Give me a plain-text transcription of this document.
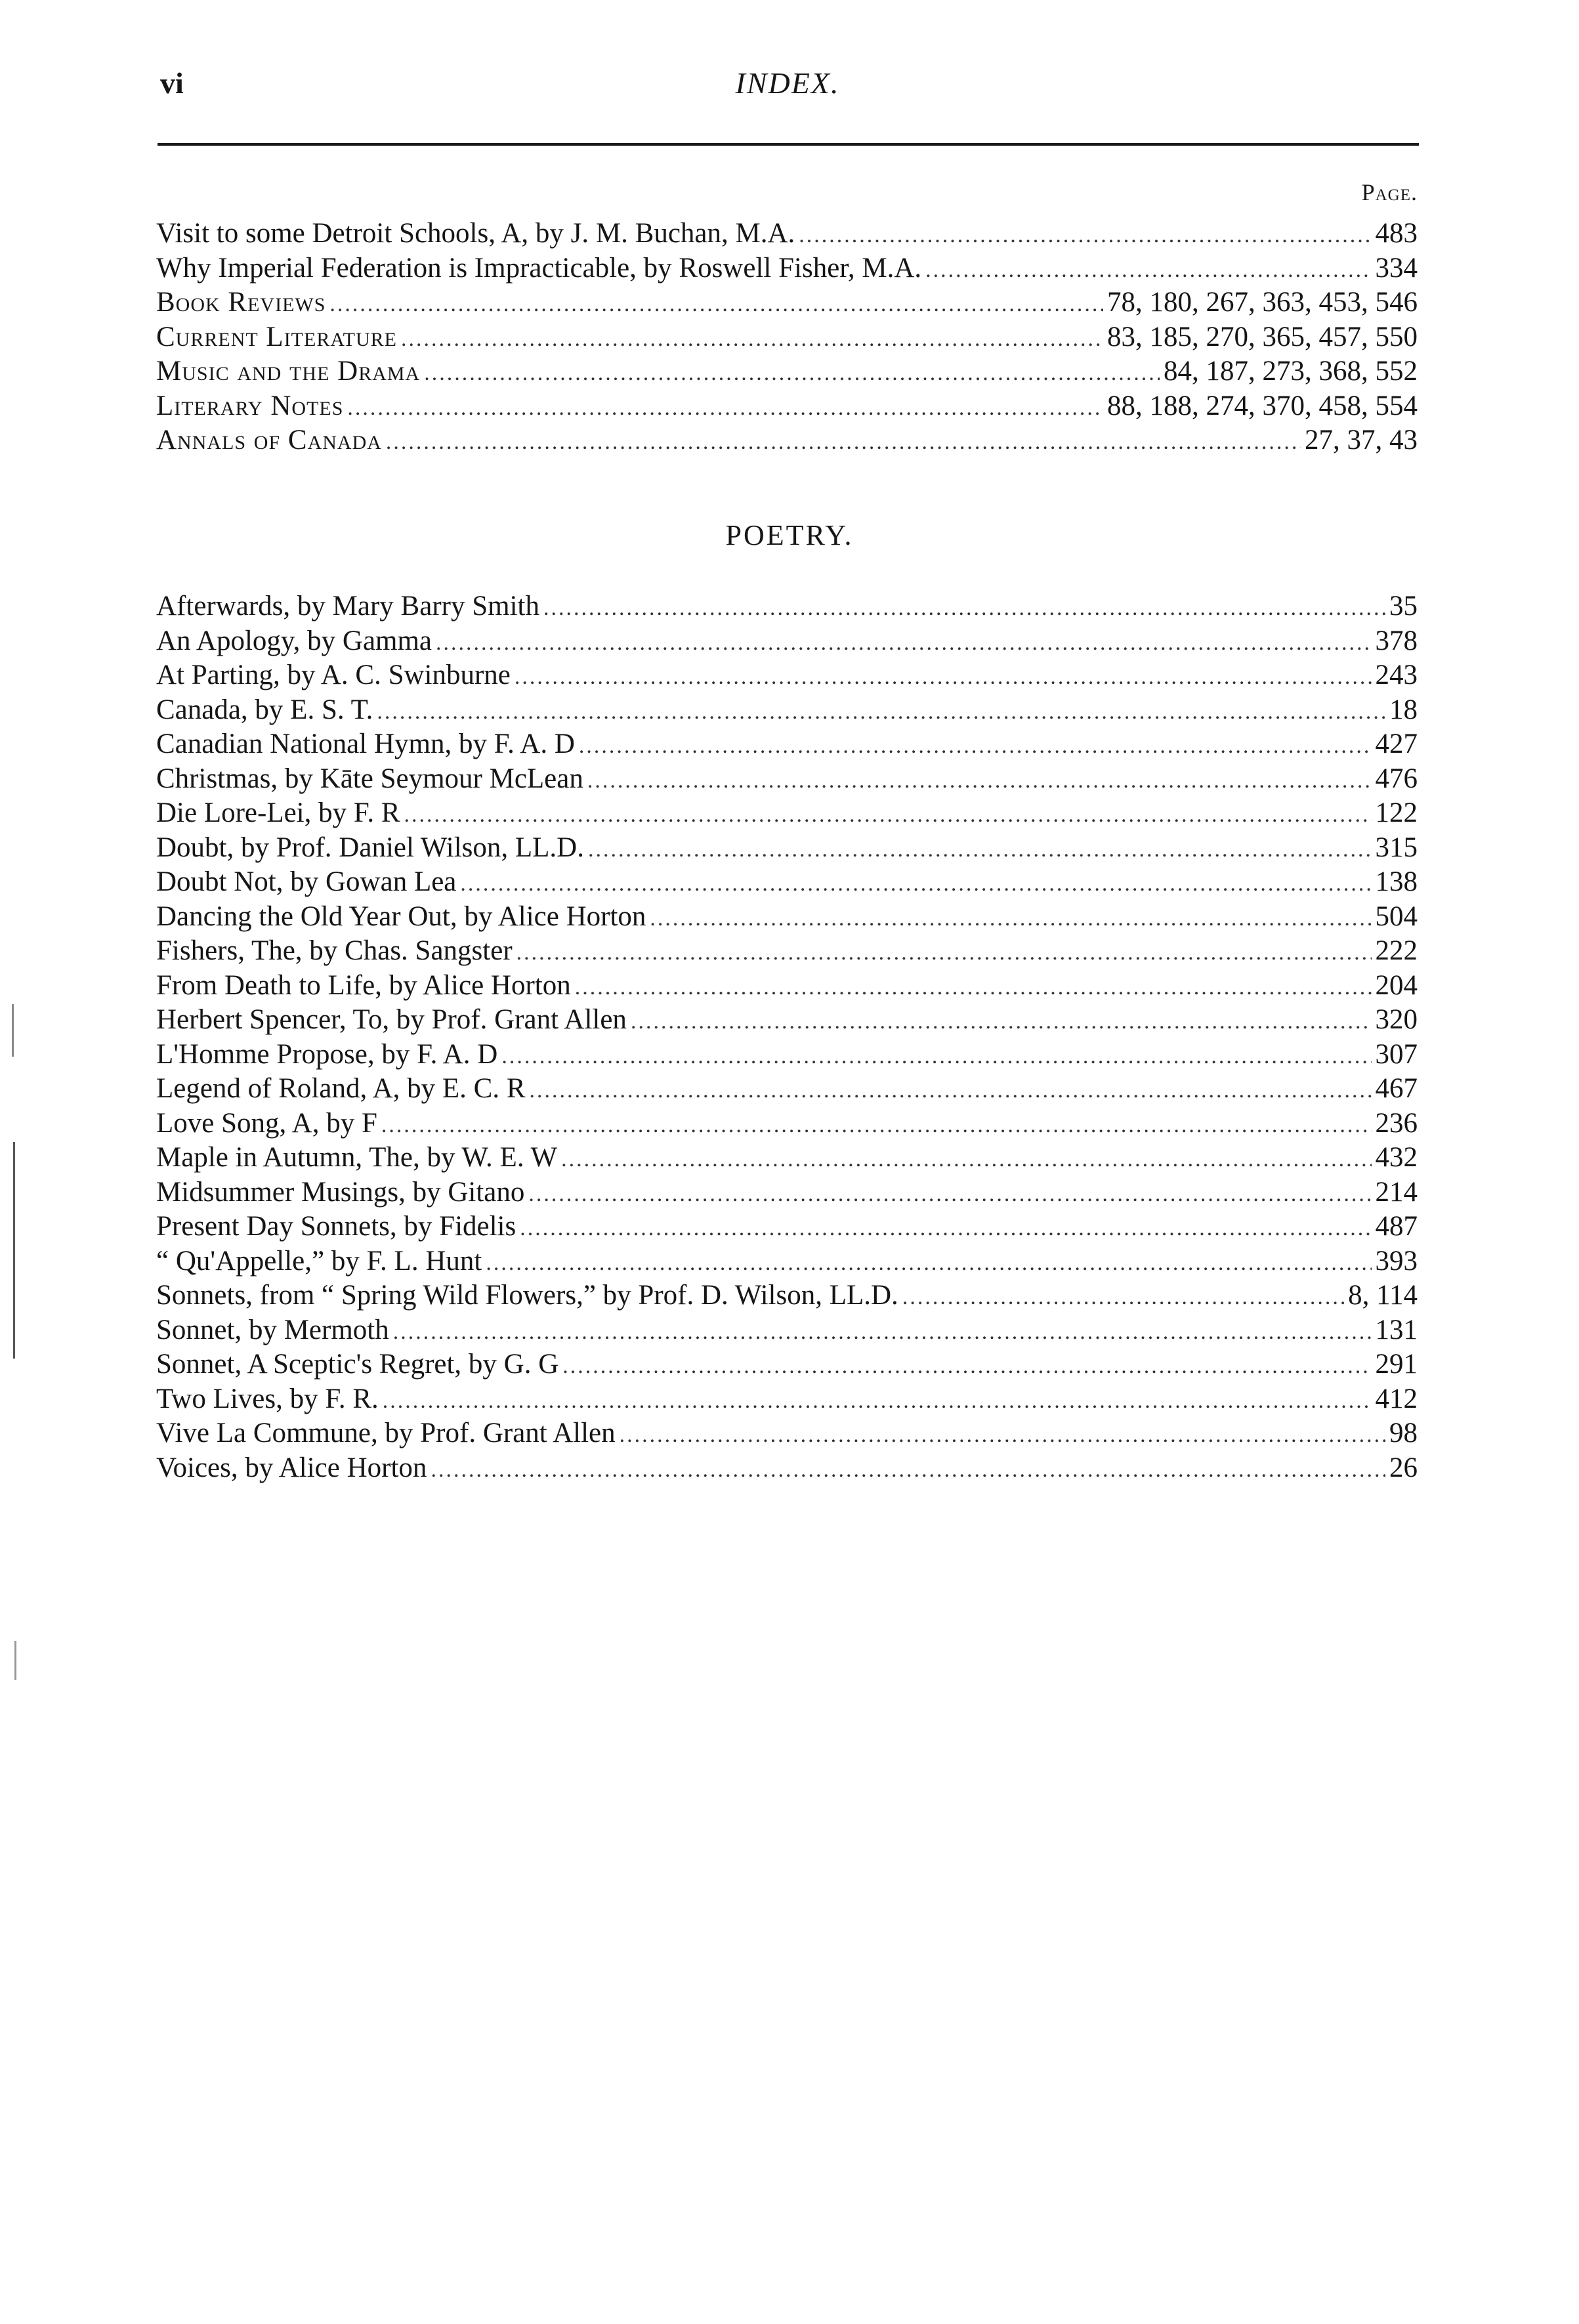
vi	INDEX.
Page.
Visit to some Detroit Schools, A, by J. M. Buchan, M.A. .....	483
Why Imperial Federation is Impracticable, by Roswell Fisher, M.A. .....	334
Book Reviews .....	78, 180, 267, 363, 453, 546
Current Literature .....	83, 185, 270, 365, 457, 550
Music and the Drama .....	84, 187, 273, 368, 552
Literary Notes .....	88, 188, 274, 370, 458, 554
Annals of Canada .....	27, 37, 43
POETRY.
Afterwards, by Mary Barry Smith .....	35
An Apology, by Gamma .....	378
At Parting, by A. C. Swinburne .....	243
Canada, by E. S. T. .....	18
Canadian National Hymn, by F. A. D .....	427
Christmas, by Kāte Seymour McLean .....	476
Die Lore-Lei, by F. R .....	122
Doubt, by Prof. Daniel Wilson, LL.D. .....	315
Doubt Not, by Gowan Lea .....	138
Dancing the Old Year Out, by Alice Horton .....	504
Fishers, The, by Chas. Sangster .....	222
From Death to Life, by Alice Horton .....	204
Herbert Spencer, To, by Prof. Grant Allen .....	320
L'Homme Propose, by F. A. D .....	307
Legend of Roland, A, by E. C. R .....	467
Love Song, A, by F .....	236
Maple in Autumn, The, by W. E. W .....	432
Midsummer Musings, by Gitano .....	214
Present Day Sonnets, by Fidelis .....	487
“ Qu'Appelle,” by F. L. Hunt .....	393
Sonnets, from “ Spring Wild Flowers,” by Prof. D. Wilson, LL.D. .....	8, 114
Sonnet, by Mermoth .....	131
Sonnet, A Sceptic's Regret, by G. G .....	291
Two Lives, by F. R. .....	412
Vive La Commune, by Prof. Grant Allen .....	98
Voices, by Alice Horton .....	26
